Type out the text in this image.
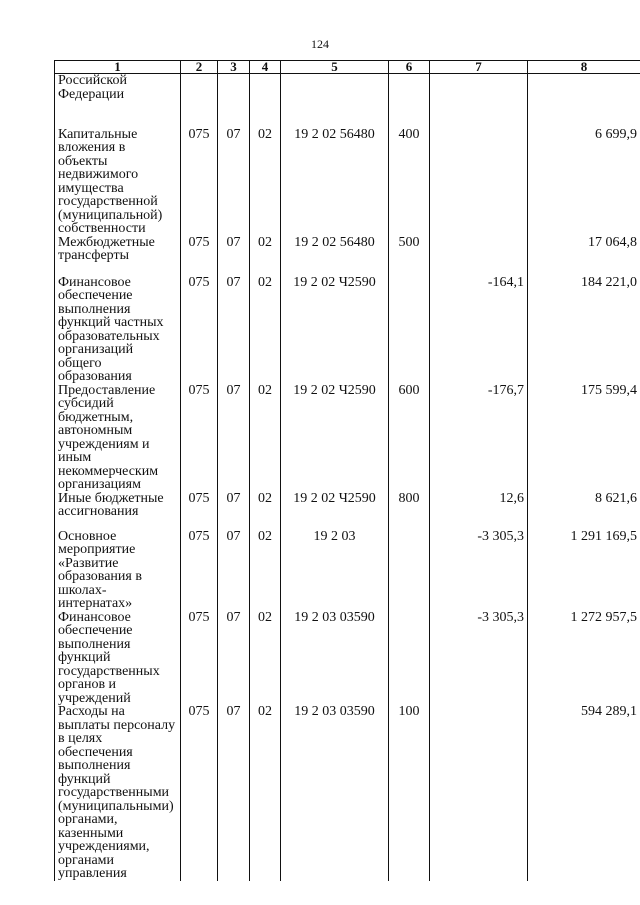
124
1	2	3	4	5	6	7	8
Российской Федерации							
Капитальные вложения в объекты недвижимого имущества государственной (муниципальной) собственности	075	07	02	19 2 02 56480	400		6 699,9
Межбюджетные трансферты	075	07	02	19 2 02 56480	500		17 064,8
Финансовое обеспечение выполнения функций частных образовательных организаций общего образования	075	07	02	19 2 02 Ч2590		-164,1	184 221,0
Предоставление субсидий бюджетным, автономным учреждениям и иным некоммерческим организациям	075	07	02	19 2 02 Ч2590	600	-176,7	175 599,4
Иные бюджетные ассигнования	075	07	02	19 2 02 Ч2590	800	12,6	8 621,6
Основное мероприятие «Развитие образования в школах-интернатах»	075	07	02	19 2 03		-3 305,3	1 291 169,5
Финансовое обеспечение выполнения функций государственных органов и учреждений	075	07	02	19 2 03 03590		-3 305,3	1 272 957,5
Расходы на выплаты персоналу в целях обеспечения выполнения функций государственными (муниципальными) органами, казенными учреждениями, органами управления	075	07	02	19 2 03 03590	100		594 289,1
